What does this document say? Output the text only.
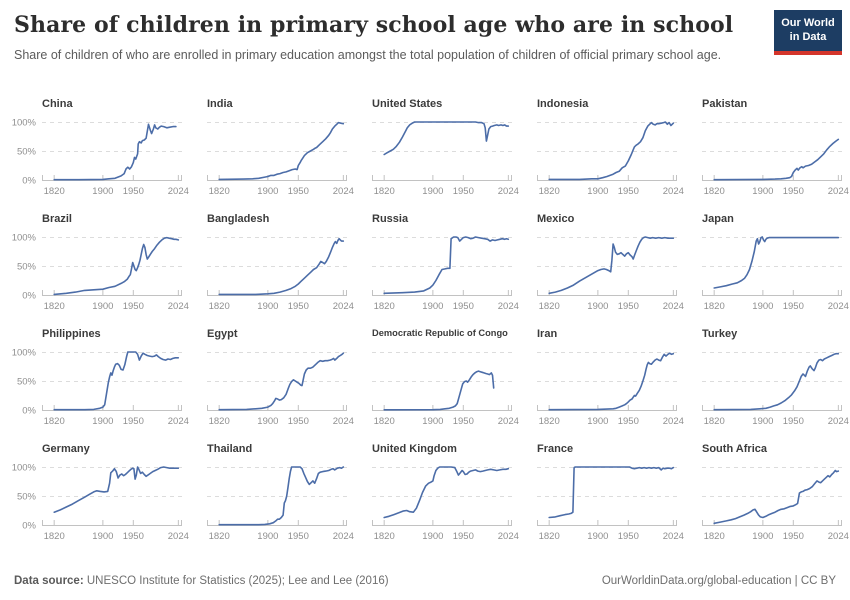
Share of children in primary school age who are in school

Share of children of who are enrolled in primary education amongst the total population of children of official primary school age.

Our World
in Data
China
1820	1900 1950	2024
0%
50%
100%
India
1820	1900 1950	2024
United States
1820	1900 1950	2024
Indonesia
1820	1900 1950	2024
Pakistan
1820	1900 1950	2024
Brazil
1820	1900 1950	2024
0%
50%
100%
Bangladesh
1820	1900 1950	2024
Russia
1820	1900 1950	2024
Mexico
1820	1900 1950	2024
Japan
1820	1900 1950	2024
Philippines
1820	1900 1950	2024
0%
50%
100%
Egypt
1820	1900 1950	2024
Democratic Republic of Congo
1820	1900 1950	2024
Iran
1820	1900 1950	2024
Turkey
1820	1900 1950	2024
Germany
1820	1900 1950	2024
0%
50%
100%
Thailand
1820	1900 1950	2024
United Kingdom
1820	1900 1950	2024
France
1820	1900 1950	2024
South Africa
1820	1900 1950	2024
Data source: UNESCO Institute for Statistics (2025); Lee and Lee (2016)	OurWorldinData.org/global-education | CC BY
